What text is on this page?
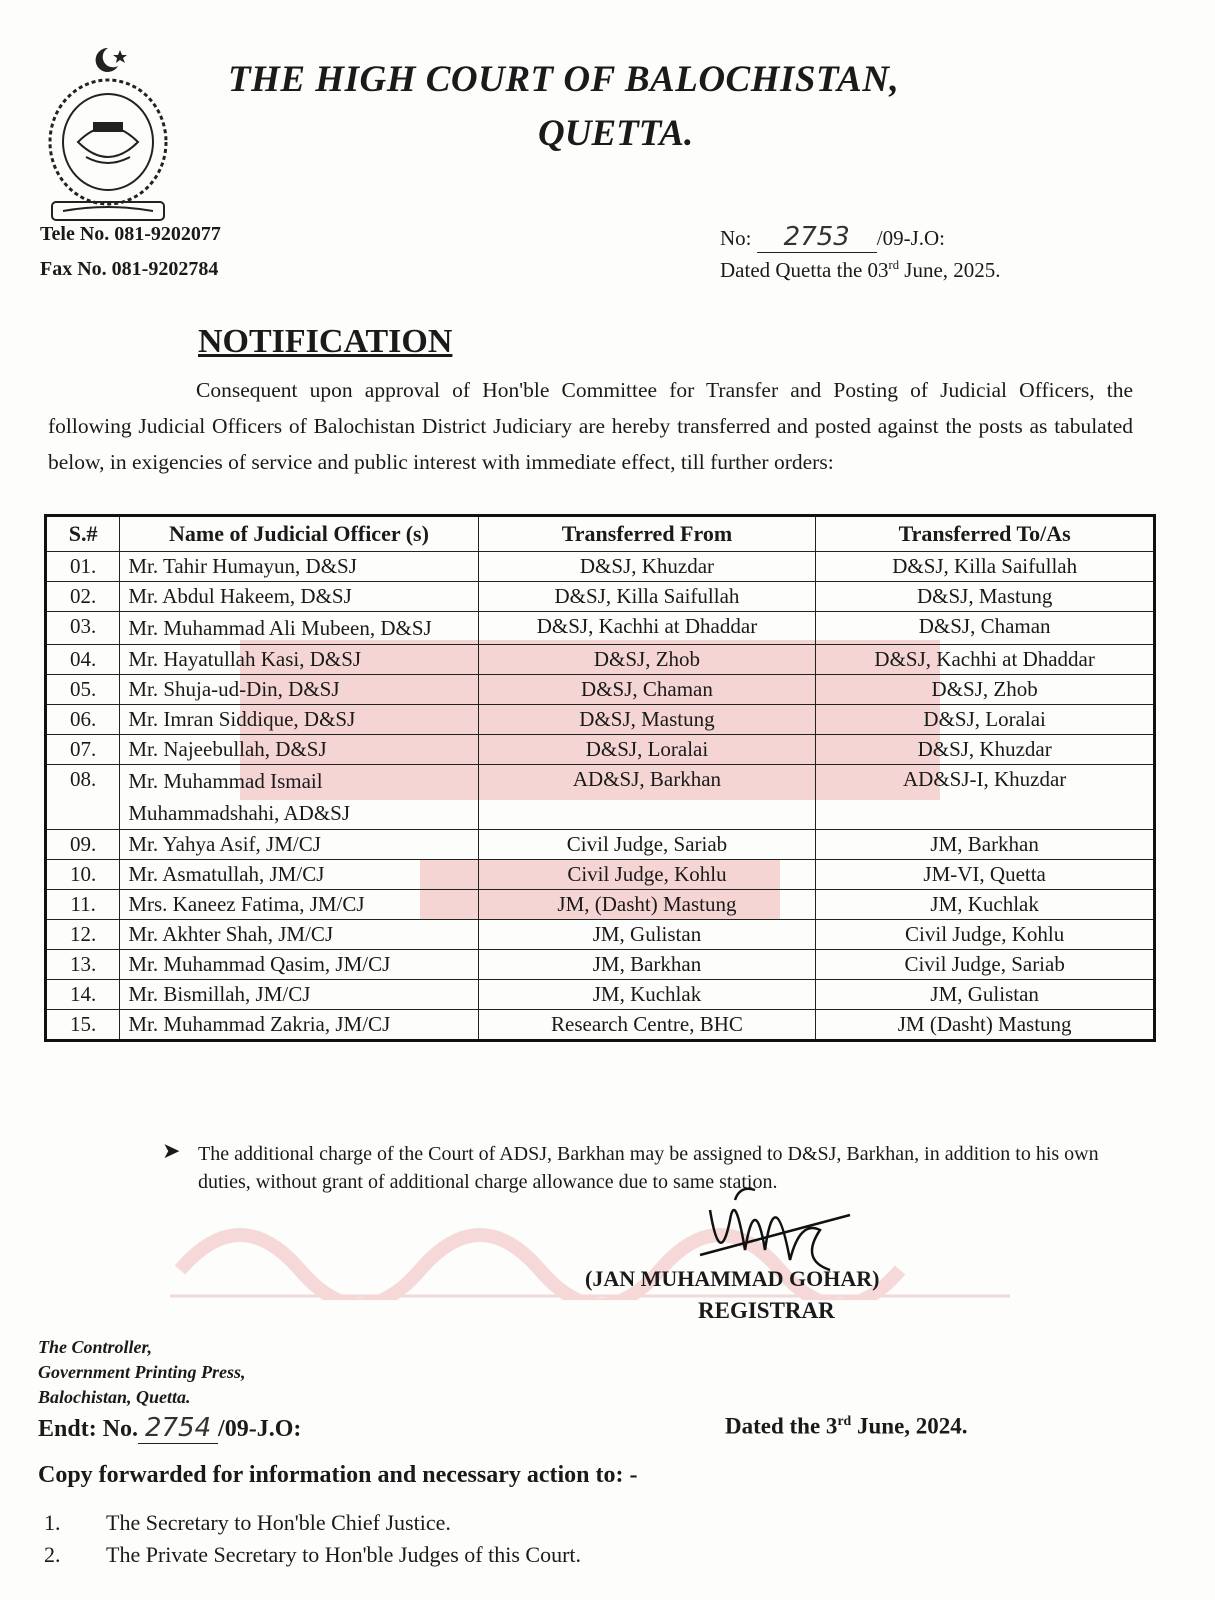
THE HIGH COURT OF BALOCHISTAN,
QUETTA.
Tele No. 081-9202077
Fax No. 081-9202784
No: 2753 /09-J.O:
Dated Quetta the 03rd June, 2025.
NOTIFICATION
Consequent upon approval of Hon'ble Committee for Transfer and Posting of Judicial Officers, the following Judicial Officers of Balochistan District Judiciary are hereby transferred and posted against the posts as tabulated below, in exigencies of service and public interest with immediate effect, till further orders:
S.#	Name of Judicial Officer (s)	Transferred From	Transferred To/As
01.	Mr. Tahir Humayun, D&SJ	D&SJ, Khuzdar	D&SJ, Killa Saifullah
02.	Mr. Abdul Hakeem, D&SJ	D&SJ, Killa Saifullah	D&SJ, Mastung
03.	Mr. Muhammad Ali Mubeen, D&SJ	D&SJ, Kachhi at Dhaddar	D&SJ, Chaman
04.	Mr. Hayatullah Kasi, D&SJ	D&SJ, Zhob	D&SJ, Kachhi at Dhaddar
05.	Mr. Shuja-ud-Din, D&SJ	D&SJ, Chaman	D&SJ, Zhob
06.	Mr. Imran Siddique, D&SJ	D&SJ, Mastung	D&SJ, Loralai
07.	Mr. Najeebullah, D&SJ	D&SJ, Loralai	D&SJ, Khuzdar
08.	Mr. Muhammad Ismail Muhammadshahi, AD&SJ	AD&SJ, Barkhan	AD&SJ-I, Khuzdar
09.	Mr. Yahya Asif, JM/CJ	Civil Judge, Sariab	JM, Barkhan
10.	Mr. Asmatullah, JM/CJ	Civil Judge, Kohlu	JM-VI, Quetta
11.	Mrs. Kaneez Fatima, JM/CJ	JM, (Dasht) Mastung	JM, Kuchlak
12.	Mr. Akhter Shah, JM/CJ	JM, Gulistan	Civil Judge, Kohlu
13.	Mr. Muhammad Qasim, JM/CJ	JM, Barkhan	Civil Judge, Sariab
14.	Mr. Bismillah, JM/CJ	JM, Kuchlak	JM, Gulistan
15.	Mr. Muhammad Zakria, JM/CJ	Research Centre, BHC	JM (Dasht) Mastung
➤ The additional charge of the Court of ADSJ, Barkhan may be assigned to D&SJ, Barkhan, in addition to his own duties, without grant of additional charge allowance due to same station.
(JAN MUHAMMAD GOHAR)
REGISTRAR
The Controller,
Government Printing Press,
Balochistan, Quetta.
Endt: No. 2754 /09-J.O:	Dated the 3rd June, 2024.
Copy forwarded for information and necessary action to: -
1. The Secretary to Hon'ble Chief Justice.
2. The Private Secretary to Hon'ble Judges of this Court.
